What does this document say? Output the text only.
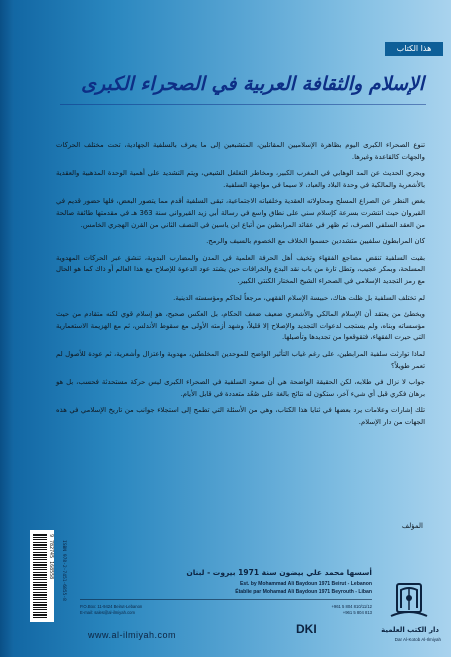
هذا الكتاب
الإسلام والثقافة العربية في الصحراء الكبرى

تنوع الصحراء الكبرى اليوم بظاهرة الإسلاميين المقاتلين، المتشبعين إلى ما يعرف بالسلفية الجهادية، تحت مختلف الحركات والجهات كالقاعدة وغيرها.

ويجري الحديث عن المد الوهابي في المغرب الكبير، ومخاطر التغلغل الشيعي، ويتم التشديد على أهمية الوحدة المذهبية والعقدية بالأشعرية والمالكية في وحدة البلاد والعباد، لا سيما في مواجهة السلفية.

بغض النظر عن الصراع المسلح ومحاولاته العقدية وخلفياته الاجتماعية، تبقى السلفية أقدم مما يتصور البعض، فلها حضور قديم في القيروان حيث انتشرت بسرعة كإسلام سني على نطاق واسع في رسالة أبي زيد القيرواني سنة 363 هـ في مقدمتها طائفة صالحة من العقد السلفي الصرف، ثم ظهر في عقائد المرابطين من أتباع ابن ياسين في النصف الثاني من القرن الهجري الخامس.

كان المرابطون سلفيين متشددين حسموا الخلاف مع الخصوم بالسيف والرمح.

بقيت السلفية تنقض مضاجع الفقهاء وتخيف أهل الحرفة العلمية في المدن والمضارب البدوية، تنشق عبر الحركات المهدوية المسلحة، وبمكر عجيب، وتطل تارة من باب نقد البدع والخرافات حين يشتد عود الدعوة للإصلاح مع هذا العالم أو ذاك كما هو الحال مع رمز التجديد الإسلامي في الصحراء الشيخ المختار الكنتي الكبير.

لم تختلف السلفية بل ظلت هناك، حبيسة الإسلام الفقهي، مرجعاً لحاكم ومؤسسته الدينية.

ويخطئ من يعتقد أن الإسلام المالكي والأشعري ضعيف ضعف الحكام، بل العكس صحيح، هو إسلام قوي لكنه متقادم من حيث مؤسساته وبناه، ولم يستجب لدعوات التجديد والإصلاح إلا قليلاً، وشهد أزمته الأولى مع سقوط الأندلس، ثم مع الهزيمة الاستعمارية التي حيرت الفقهاء، فتقوقعوا من تجديدها وتأصيلها.

لماذا توارثت سلفية المرابطين، على رغم غياب التأثير الواضح للموحدين المخلطين، مهدوية واعتزال وأشعرية، ثم عودة للأصول لم تعمر طويلاً؟

جواب لا نزال في طلابه، لكن الحقيقة الواضحة هي أن صعود السلفية في الصحراء الكبرى ليس حركة مستحدثة فحسب، بل هو برهان فكري قبل أي شيء آخر، ستكون له نتائج بالغة على صُعُد متعددة في قابل الأيام.

تلك إشارات وعلامات يرد بعضها في ثنايا هذا الكتاب، وهي من الأسئلة التي تطمح إلى استجلاء جوانب من تاريخ الإسلامي في هذه الجهات من دار الإسلام.

المؤلف
9 782745 168558 ISBN 978-2-7451-6855-8	أسسها محمد علي بيضون سنة 1971 بيروت - لبنان
Est. by Mohammad Ali Baydoun 1971 Beirut - Lebanon
Établie par Mohamad Ali Baydoun 1971 Beyrouth - Liban
+961 5 804 810/11/12
+961 5 804 813
P.O.Box: 11-9424 Beirut-Lebanon
E-mail: sales@al-ilmiyah.com
www.al-ilmiyah.com	DKI	دار الكتب العلمية
Dar Al-Kotob Al-Ilmiyah
